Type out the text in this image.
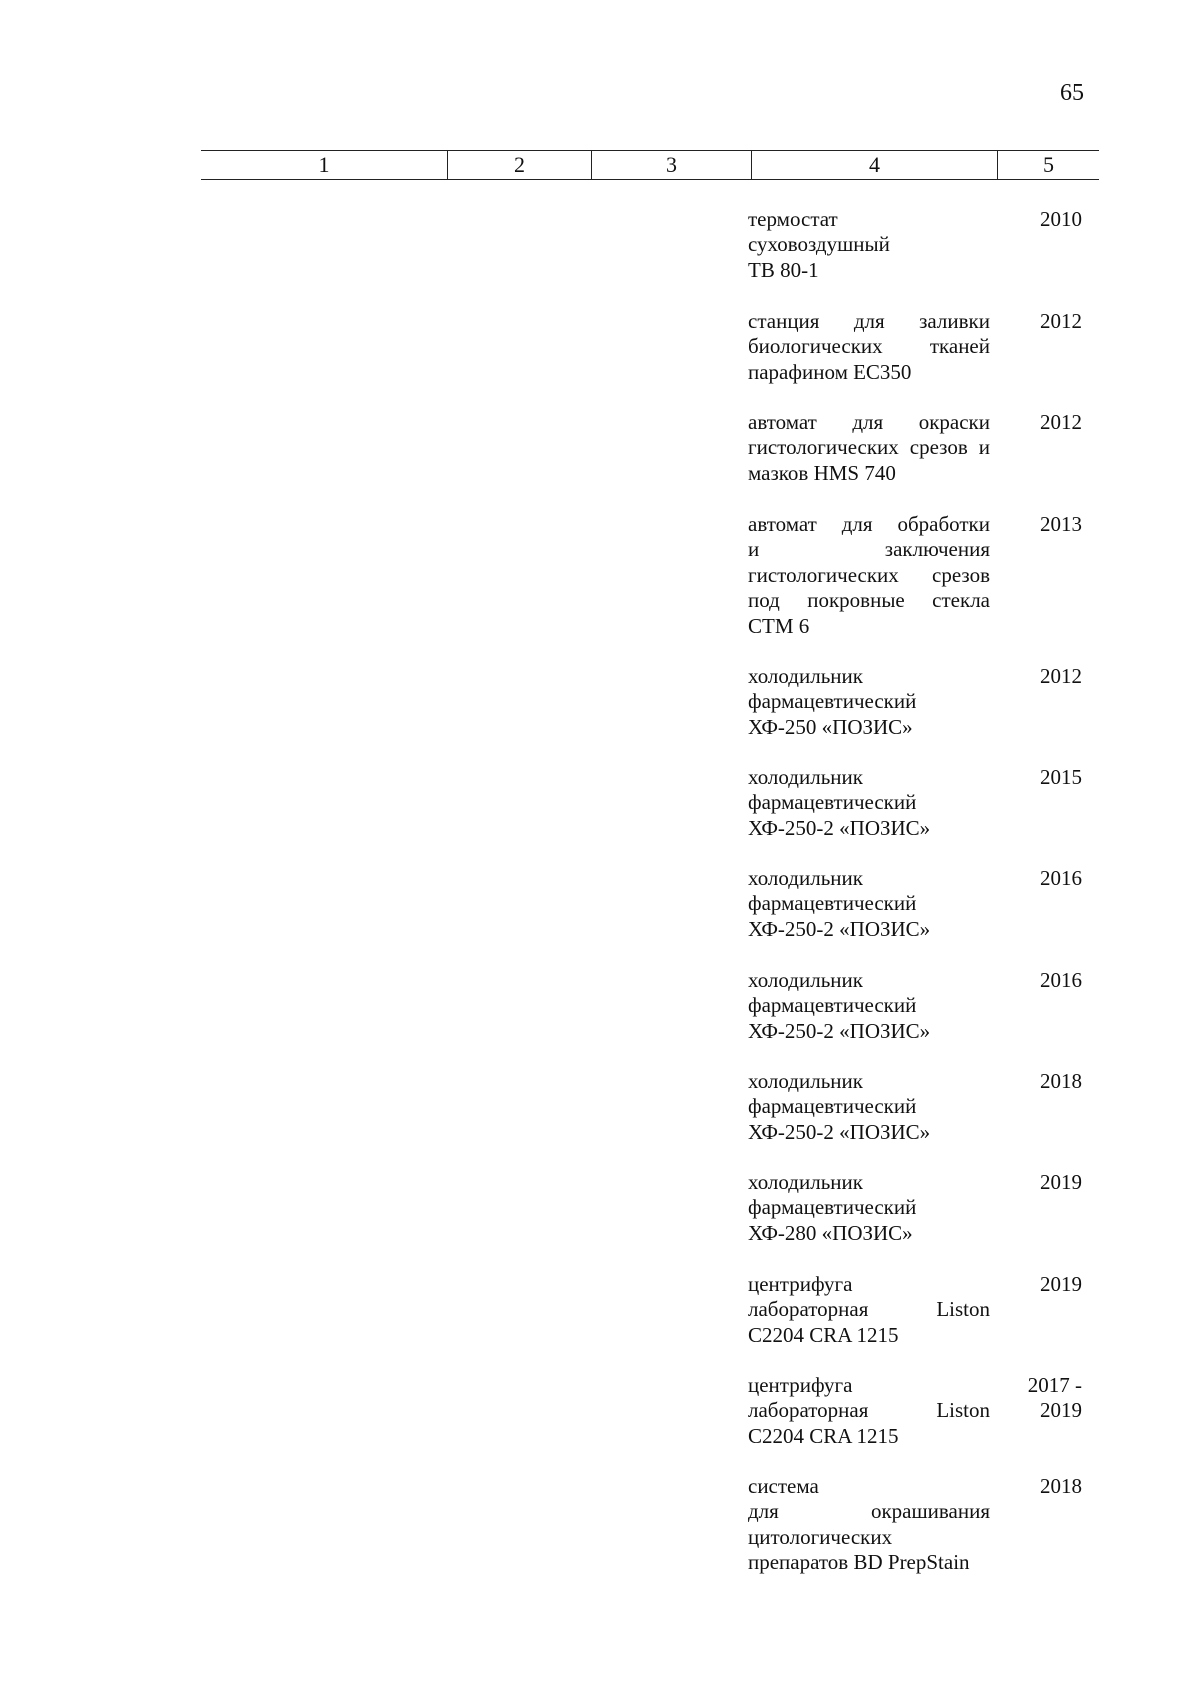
65
1	2	3	4	5
термостат
суховоздушный
ТВ 80-1
2010
станция для заливки
биологических тканей
парафином EC350
2012
автомат для окраски
гистологических срезов и
мазков HMS 740
2012
автомат для обработки
и заключения
гистологических срезов
под покровные стекла
CTM 6
2013
холодильник
фармацевтический
ХФ-250 «ПОЗИС»
2012
холодильник
фармацевтический
ХФ-250-2 «ПОЗИС»
2015
холодильник
фармацевтический
ХФ-250-2 «ПОЗИС»
2016
холодильник
фармацевтический
ХФ-250-2 «ПОЗИС»
2016
холодильник
фармацевтический
ХФ-250-2 «ПОЗИС»
2018
холодильник
фармацевтический
ХФ-280 «ПОЗИС»
2019
центрифуга
лабораторная Liston
C2204 CRA 1215
2019
центрифуга
лабораторная Liston
C2204 CRA 1215
2017 -
2019
система
для окрашивания
цитологических
препаратов BD PrepStain
2018
